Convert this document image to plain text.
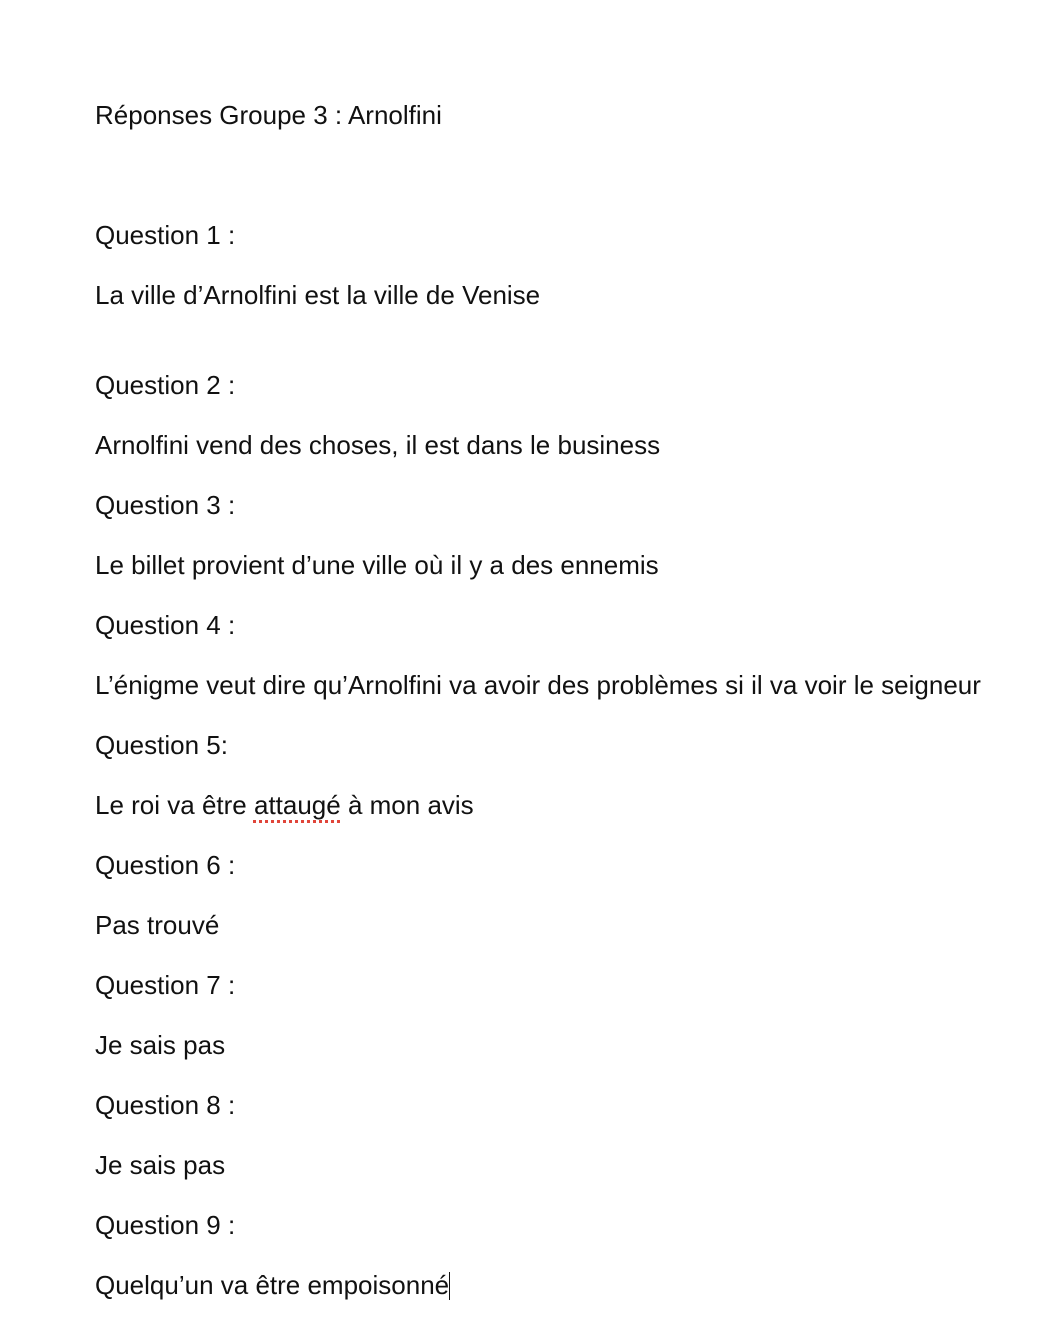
Réponses Groupe 3 : Arnolfini

Question 1 :

La ville d’Arnolfini est la ville de Venise

Question 2 :

Arnolfini vend des choses, il est dans le business

Question 3 :

Le billet provient d’une ville où il y a des ennemis

Question 4 :

L’énigme veut dire qu’Arnolfini va avoir des problèmes si il va voir le seigneur

Question 5:

Le roi va être attaugé à mon avis

Question 6 :

Pas trouvé

Question 7 :

Je sais pas

Question 8 :

Je sais pas

Question 9 :

Quelqu’un va être empoisonné
